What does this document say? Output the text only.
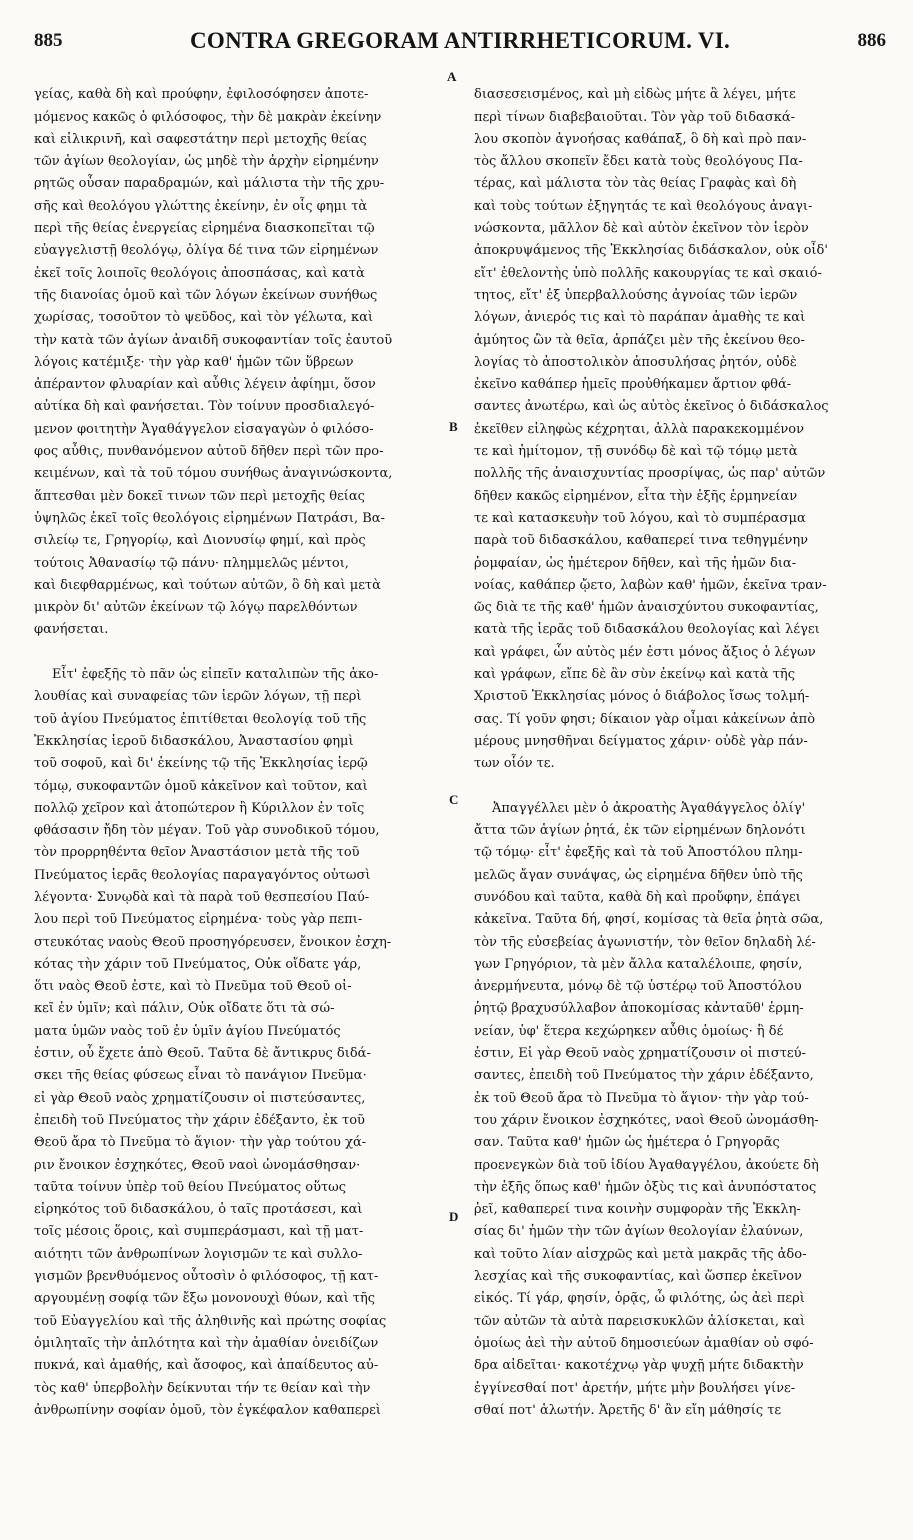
885	CONTRA GREGORAM ANTIRRHETICORUM. VI.	886

γείας, καθὰ δὴ καὶ προύφην, ἐφιλοσόφησεν ἀποτε-
μόμενος κακῶς ὁ φιλόσοφος, τὴν δὲ μακρὰν ἐκείνην
καὶ εἰλικρινῆ, καὶ σαφεστάτην περὶ μετοχῆς θείας
τῶν ἁγίων θεολογίαν, ὡς μηδὲ τὴν ἀρχὴν εἰρημένην
ρητῶς οὖσαν παραδραμών, καὶ μάλιστα τὴν τῆς χρυ-
σῆς καὶ θεολόγου γλώττης ἐκείνην, ἐν οἷς φημι τὰ
περὶ τῆς θείας ἐνεργείας εἰρημένα διασκοπεῖται τῷ
εὐαγγελιστῇ θεολόγῳ, ὀλίγα δέ τινα τῶν εἰρημένων
ἐκεῖ τοῖς λοιποῖς θεολόγοις ἀποσπάσας, καὶ κατὰ
τῆς διανοίας ὁμοῦ καὶ τῶν λόγων ἐκείνων συνήθως
χωρίσας, τοσοῦτον τὸ ψεῦδος, καὶ τὸν γέλωτα, καὶ
τὴν κατὰ τῶν ἁγίων ἀναιδῆ συκοφαντίαν τοῖς ἑαυτοῦ
λόγοις κατέμιξε· τὴν γὰρ καθ' ἡμῶν τῶν ὕβρεων
ἀπέραντον φλυαρίαν καὶ αὖθις λέγειν ἀφίημι, ὅσον
αὐτίκα δὴ καὶ φανήσεται. Τὸν τοίνυν προσδιαλεγό-
μενον φοιτητὴν Ἀγαθάγγελον εἰσαγαγὼν ὁ φιλόσο-
φος αὖθις, πυνθανόμενον αὐτοῦ δῆθεν περὶ τῶν προ-
κειμένων, καὶ τὰ τοῦ τόμου συνήθως ἀναγινώσκοντα,
ἅπτεσθαι μὲν δοκεῖ τινων τῶν περὶ μετοχῆς θείας
ὑψηλῶς ἐκεῖ τοῖς θεολόγοις εἰρημένων Πατράσι, Βα-
σιλείῳ τε, Γρηγορίῳ, καὶ Διονυσίῳ φημί, καὶ πρὸς
τούτοις Ἀθανασίῳ τῷ πάνυ· πλημμελῶς μέντοι,
καὶ διεφθαρμένως, καὶ τούτων αὐτῶν, ὃ δὴ καὶ μετὰ
μικρὸν δι' αὐτῶν ἐκείνων τῷ λόγῳ παρελθόντων
φανήσεται.

Εἶτ' ἐφεξῆς τὸ πᾶν ὡς εἰπεῖν καταλιπὼν τῆς ἀκο-
λουθίας καὶ συναφείας τῶν ἱερῶν λόγων, τῇ περὶ
τοῦ ἁγίου Πνεύματος ἐπιτίθεται θεολογίᾳ τοῦ τῆς
Ἐκκλησίας ἱεροῦ διδασκάλου, Ἀναστασίου φημὶ
τοῦ σοφοῦ, καὶ δι' ἐκείνης τῷ τῆς Ἐκκλησίας ἱερῷ
τόμῳ, συκοφαντῶν ὁμοῦ κἀκεῖνον καὶ τοῦτον, καὶ
πολλῷ χεῖρον καὶ ἀτοπώτερον ἢ Κύριλλον ἐν τοῖς
φθάσασιν ἤδη τὸν μέγαν. Τοῦ γὰρ συνοδικοῦ τόμου,
τὸν προρρηθέντα θεῖον Ἀναστάσιον μετὰ τῆς τοῦ
Πνεύματος ἱερᾶς θεολογίας παραγαγόντος οὑτωσὶ
λέγοντα· Συνῳδὰ καὶ τὰ παρὰ τοῦ θεσπεσίου Παύ-
λου περὶ τοῦ Πνεύματος εἰρημένα· τοὺς γὰρ πεπι-
στευκότας ναοὺς Θεοῦ προσηγόρευσεν, ἔνοικον ἐσχη-
κότας τὴν χάριν τοῦ Πνεύματος, Οὐκ οἴδατε γάρ,
ὅτι ναὸς Θεοῦ ἐστε, καὶ τὸ Πνεῦμα τοῦ Θεοῦ οἰ-
κεῖ ἐν ὑμῖν; καὶ πάλιν, Οὐκ οἴδατε ὅτι τὰ σώ-
ματα ὑμῶν ναὸς τοῦ ἐν ὑμῖν ἁγίου Πνεύματός
ἐστιν, οὗ ἔχετε ἀπὸ Θεοῦ. Ταῦτα δὲ ἄντικρυς διδά-
σκει τῆς θείας φύσεως εἶναι τὸ πανάγιον Πνεῦμα·
εἰ γὰρ Θεοῦ ναὸς χρηματίζουσιν οἱ πιστεύσαντες,
ἐπειδὴ τοῦ Πνεύματος τὴν χάριν ἐδέξαντο, ἐκ τοῦ
Θεοῦ ἄρα τὸ Πνεῦμα τὸ ἅγιον· τὴν γὰρ τούτου χά-
ριν ἔνοικον ἐσχηκότες, Θεοῦ ναοὶ ὠνομάσθησαν·
ταῦτα τοίνυν ὑπὲρ τοῦ θείου Πνεύματος οὕτως
εἰρηκότος τοῦ διδασκάλου, ὁ ταῖς προτάσεσι, καὶ
τοῖς μέσοις ὅροις, καὶ συμπεράσμασι, καὶ τῇ ματ-
αιότητι τῶν ἀνθρωπίνων λογισμῶν τε καὶ συλλο-
γισμῶν βρενθυόμενος οὗτοσὶν ὁ φιλόσοφος, τῇ κατ-
αργουμένῃ σοφίᾳ τῶν ἔξω μονονουχὶ θύων, καὶ τῆς
τοῦ Εὐαγγελίου καὶ τῆς ἀληθινῆς καὶ πρώτης σοφίας
ὁμιληταῖς τὴν ἁπλότητα καὶ τὴν ἀμαθίαν ὀνειδίζων
πυκνά, καὶ ἀμαθής, καὶ ἄσοφος, καὶ ἀπαίδευτος αὐ-
τὸς καθ' ὑπερβολὴν δείκνυται τήν τε θείαν καὶ τὴν
ἀνθρωπίνην σοφίαν ὁμοῦ, τὸν ἐγκέφαλον καθαπερεὶ

A
B
C
D

διασεσεισμένος, καὶ μὴ εἰδὼς μήτε ἃ λέγει, μήτε
περὶ τίνων διαβεβαιοῦται. Τὸν γὰρ τοῦ διδασκά-
λου σκοπὸν ἀγνοήσας καθάπαξ, ὃ δὴ καὶ πρὸ παν-
τὸς ἄλλου σκοπεῖν ἔδει κατὰ τοὺς θεολόγους Πα-
τέρας, καὶ μάλιστα τὸν τὰς θείας Γραφὰς καὶ δὴ
καὶ τοὺς τούτων ἐξηγητάς τε καὶ θεολόγους ἀναγι-
νώσκοντα, μᾶλλον δὲ καὶ αὐτὸν ἐκεῖνον τὸν ἱερὸν
ἀποκρυψάμενος τῆς Ἐκκλησίας διδάσκαλον, οὐκ οἶδ'
εἴτ' ἐθελοντὴς ὑπὸ πολλῆς κακουργίας τε καὶ σκαιό-
τητος, εἴτ' ἐξ ὑπερβαλλούσης ἀγνοίας τῶν ἱερῶν
λόγων, ἀνιερός τις καὶ τὸ παράπαν ἀμαθὴς τε καὶ
ἀμύητος ὢν τὰ θεῖα, ἁρπάζει μὲν τῆς ἐκείνου θεο-
λογίας τὸ ἀποστολικὸν ἀποσυλήσας ῥητόν, οὐδὲ
ἐκεῖνο καθάπερ ἡμεῖς προὐθήκαμεν ἄρτιον φθά-
σαντες ἀνωτέρω, καὶ ὡς αὐτὸς ἐκεῖνος ὁ διδάσκαλος
ἐκεῖθεν εἰληφὼς κέχρηται, ἀλλὰ παρακεκομμένον
τε καὶ ἡμίτομον, τῇ συνόδῳ δὲ καὶ τῷ τόμῳ μετὰ
πολλῆς τῆς ἀναισχυντίας προσρίψας, ὡς παρ' αὐτῶν
δῆθεν κακῶς εἰρημένον, εἶτα τὴν ἑξῆς ἑρμηνείαν
τε καὶ κατασκευὴν τοῦ λόγου, καὶ τὸ συμπέρασμα
παρὰ τοῦ διδασκάλου, καθαπερεί τινα τεθηγμένην
ῥομφαίαν, ὡς ἡμέτερον δῆθεν, καὶ τῆς ἡμῶν δια-
νοίας, καθάπερ ᾤετο, λαβὼν καθ' ἡμῶν, ἐκεῖνα τραν-
ῶς διὰ τε τῆς καθ' ἡμῶν ἀναισχύντου συκοφαντίας,
κατὰ τῆς ἱερᾶς τοῦ διδασκάλου θεολογίας καὶ λέγει
καὶ γράφει, ὧν αὐτὸς μέν ἐστι μόνος ἄξιος ὁ λέγων
καὶ γράφων, εἴπε δὲ ἂν σὺν ἐκείνῳ καὶ κατὰ τῆς
Χριστοῦ Ἐκκλησίας μόνος ὁ διάβολος ἴσως τολμή-
σας. Τί γοῦν φησι; δίκαιον γὰρ οἶμαι κἀκείνων ἀπὸ
μέρους μνησθῆναι δείγματος χάριν· οὐδὲ γὰρ πάν-
των οἷόν τε.

Ἀπαγγέλλει μὲν ὁ ἀκροατὴς Ἀγαθάγγελος ὀλίγ'
ἄττα τῶν ἁγίων ῥητά, ἐκ τῶν εἰρημένων δηλονότι
τῷ τόμῳ· εἶτ' ἐφεξῆς καὶ τὰ τοῦ Ἀποστόλου πλημ-
μελῶς ἄγαν συνάψας, ὡς εἰρημένα δῆθεν ὑπὸ τῆς
συνόδου καὶ ταῦτα, καθὰ δὴ καὶ προὔφην, ἐπάγει
κἀκεῖνα. Ταῦτα δή, φησί, κομίσας τὰ θεῖα ῥητὰ σῶα,
τὸν τῆς εὐσεβείας ἀγωνιστήν, τὸν θεῖον δηλαδὴ λέ-
γων Γρηγόριον, τὰ μὲν ἄλλα καταλέλοιπε, φησίν,
ἀνερμήνευτα, μόνῳ δὲ τῷ ὑστέρῳ τοῦ Ἀποστόλου
ῥητῷ βραχυσύλλαβον ἀποκομίσας κἀνταῦθ' ἑρμη-
νείαν, ὑφ' ἕτερα κεχώρηκεν αὖθις ὁμοίως· ἣ δέ
ἐστιν, Εἰ γὰρ Θεοῦ ναὸς χρηματίζουσιν οἱ πιστεύ-
σαντες, ἐπειδὴ τοῦ Πνεύματος τὴν χάριν ἐδέξαντο,
ἐκ τοῦ Θεοῦ ἄρα τὸ Πνεῦμα τὸ ἅγιον· τὴν γὰρ τού-
του χάριν ἔνοικον ἐσχηκότες, ναοὶ Θεοῦ ὠνομάσθη-
σαν. Ταῦτα καθ' ἡμῶν ὡς ἡμέτερα ὁ Γρηγορᾶς
προενεγκὼν διὰ τοῦ ἰδίου Ἀγαθαγγέλου, ἀκούετε δὴ
τὴν ἑξῆς ὅπως καθ' ἡμῶν ὀξὺς τις καὶ ἀνυπόστατος
ῥεῖ, καθαπερεί τινα κοινὴν συμφορὰν τῆς Ἐκκλη-
σίας δι' ἡμῶν τὴν τῶν ἁγίων θεολογίαν ἐλαύνων,
καὶ τοῦτο λίαν αἰσχρῶς καὶ μετὰ μακρᾶς τῆς ἀδο-
λεσχίας καὶ τῆς συκοφαντίας, καὶ ὥσπερ ἐκεῖνον
εἰκός. Τί γάρ, φησίν, ὁρᾷς, ὦ φιλότης, ὡς ἀεὶ περὶ
τῶν αὐτῶν τὰ αὐτὰ παρεισκυκλῶν ἁλίσκεται, καὶ
ὁμοίως ἀεὶ τὴν αὐτοῦ δημοσιεύων ἀμαθίαν οὐ σφό-
δρα αἰδεῖται· κακοτέχνῳ γὰρ ψυχῇ μήτε διδακτὴν
ἐγγίνεσθαί ποτ' ἀρετήν, μήτε μὴν βουλήσει γίνε-
σθαί ποτ' ἁλωτήν. Ἀρετῆς δ' ἂν εἴη μάθησίς τε
